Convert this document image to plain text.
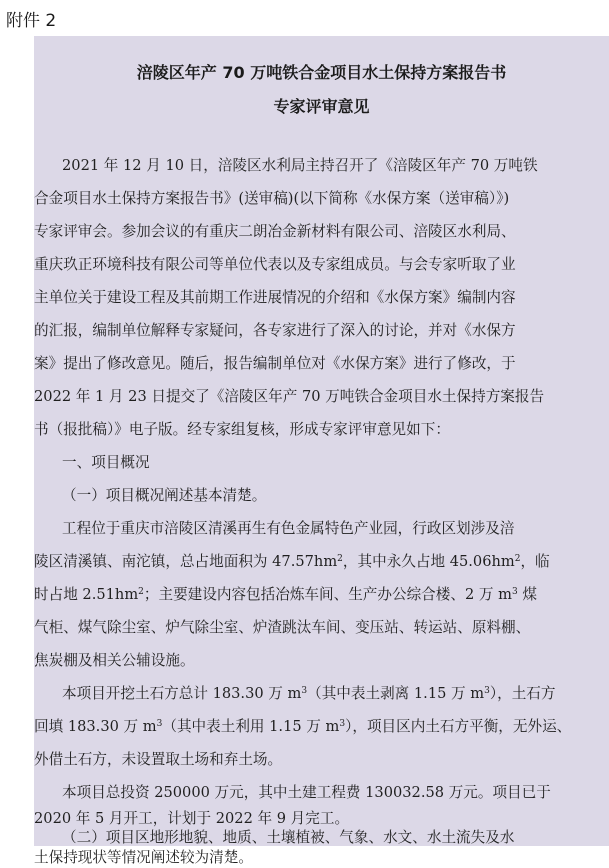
附件 2
涪陵区年产 70 万吨铁合金项目水土保持方案报告书
专家评审意见
2021 年 12 月 10 日，涪陵区水利局主持召开了《涪陵区年产 70 万吨铁
合金项目水土保持方案报告书》(送审稿)(以下简称《水保方案（送审稿）》)
专家评审会。参加会议的有重庆二朗冶金新材料有限公司、涪陵区水利局、
重庆玖正环境科技有限公司等单位代表以及专家组成员。与会专家听取了业
主单位关于建设工程及其前期工作进展情况的介绍和《水保方案》编制内容
的汇报，编制单位解释专家疑问，各专家进行了深入的讨论，并对《水保方
案》提出了修改意见。随后，报告编制单位对《水保方案》进行了修改，于
2022 年 1 月 23 日提交了《涪陵区年产 70 万吨铁合金项目水土保持方案报告
书（报批稿）》电子版。经专家组复核，形成专家评审意见如下：
一、项目概况
（一）项目概况阐述基本清楚。
工程位于重庆市涪陵区清溪再生有色金属特色产业园，行政区划涉及涪
陵区清溪镇、南沱镇，总占地面积为 $47.57hm^2$，其中永久占地 $45.06hm^2$，临
时占地 $2.51hm^2$；主要建设内容包括冶炼车间、生产办公综合楼、2 万 $m^3$ 煤
气柜、煤气除尘室、炉气除尘室、炉渣跳汰车间、变压站、转运站、原料棚、
焦炭棚及相关公辅设施。
本项目开挖土石方总计 183.30 万 $m^3$（其中表土剥离 1.15 万 $m^3$），土石方
回填 183.30 万 $m^3$（其中表土利用 1.15 万 $m^3$），项目区内土石方平衡，无外运、
外借土石方，未设置取土场和弃土场。
本项目总投资 250000 万元，其中土建工程费 130032.58 万元。项目已于
2020 年 5 月开工，计划于 2022 年 9 月完工。
（二）项目区地形地貌、地质、土壤植被、气象、水文、水土流失及水
土保持现状等情况阐述较为清楚。
